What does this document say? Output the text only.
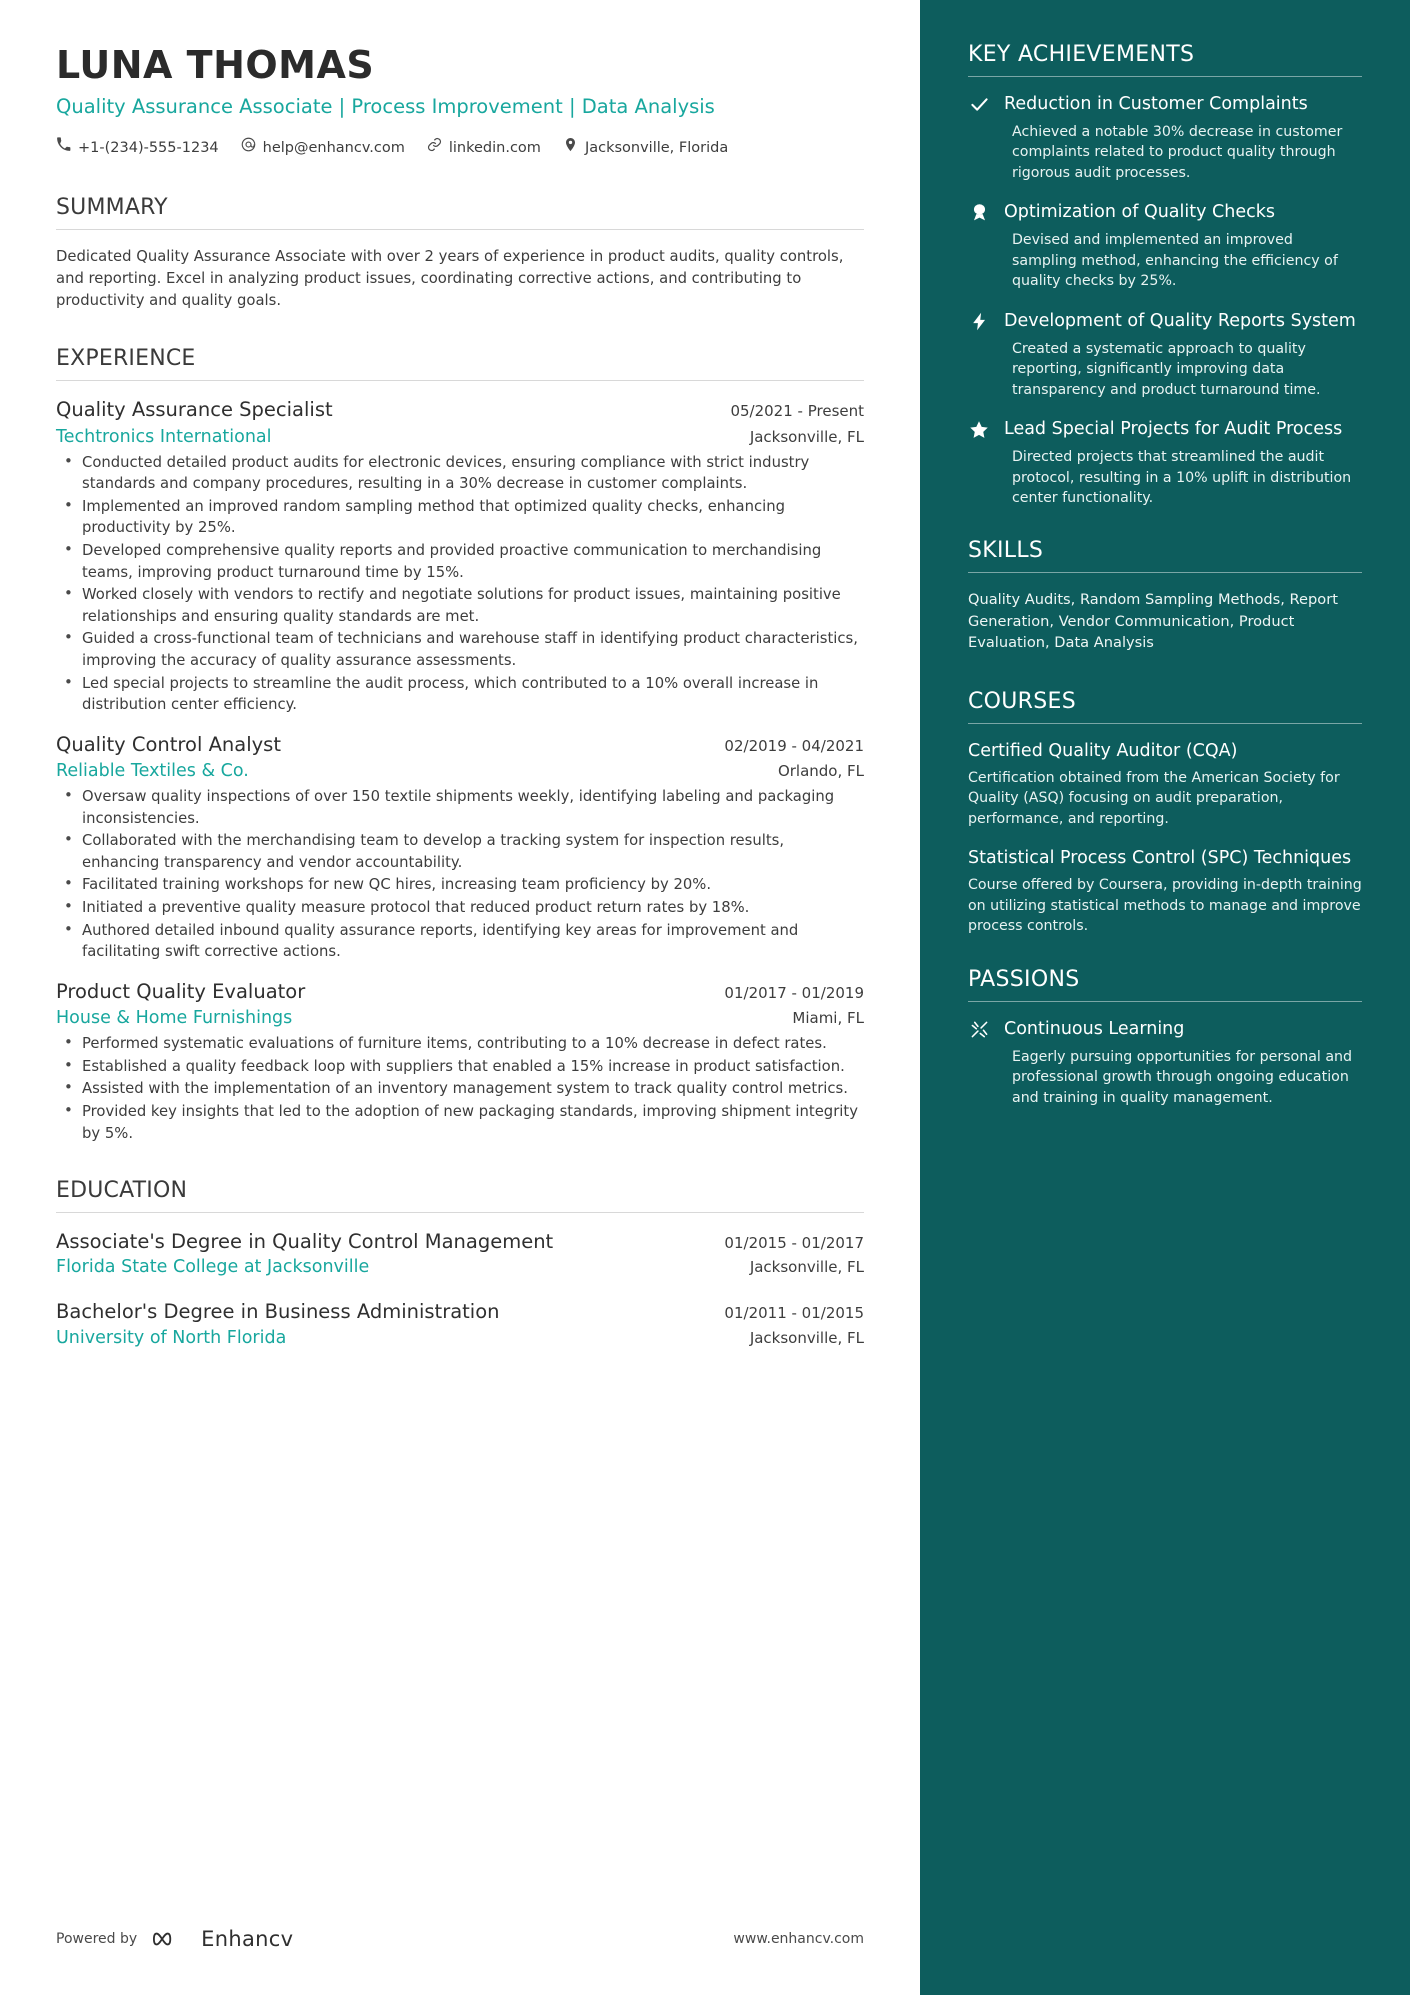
LUNA THOMAS
Quality Assurance Associate | Process Improvement | Data Analysis
+1-(234)-555-1234	help@enhancv.com	linkedin.com	Jacksonville, Florida
SUMMARY
Dedicated Quality Assurance Associate with over 2 years of experience in product audits, quality controls, and reporting. Excel in analyzing product issues, coordinating corrective actions, and contributing to productivity and quality goals.
EXPERIENCE
Quality Assurance Specialist	05/2021 - Present
Techtronics International	Jacksonville, FL
• Conducted detailed product audits for electronic devices, ensuring compliance with strict industry standards and company procedures, resulting in a 30% decrease in customer complaints.
• Implemented an improved random sampling method that optimized quality checks, enhancing productivity by 25%.
• Developed comprehensive quality reports and provided proactive communication to merchandising teams, improving product turnaround time by 15%.
• Worked closely with vendors to rectify and negotiate solutions for product issues, maintaining positive relationships and ensuring quality standards are met.
• Guided a cross-functional team of technicians and warehouse staff in identifying product characteristics, improving the accuracy of quality assurance assessments.
• Led special projects to streamline the audit process, which contributed to a 10% overall increase in distribution center efficiency.
Quality Control Analyst	02/2019 - 04/2021
Reliable Textiles & Co.	Orlando, FL
• Oversaw quality inspections of over 150 textile shipments weekly, identifying labeling and packaging inconsistencies.
• Collaborated with the merchandising team to develop a tracking system for inspection results, enhancing transparency and vendor accountability.
• Facilitated training workshops for new QC hires, increasing team proficiency by 20%.
• Initiated a preventive quality measure protocol that reduced product return rates by 18%.
• Authored detailed inbound quality assurance reports, identifying key areas for improvement and facilitating swift corrective actions.
Product Quality Evaluator	01/2017 - 01/2019
House & Home Furnishings	Miami, FL
• Performed systematic evaluations of furniture items, contributing to a 10% decrease in defect rates.
• Established a quality feedback loop with suppliers that enabled a 15% increase in product satisfaction.
• Assisted with the implementation of an inventory management system to track quality control metrics.
• Provided key insights that led to the adoption of new packaging standards, improving shipment integrity by 5%.
EDUCATION
Associate's Degree in Quality Control Management	01/2015 - 01/2017
Florida State College at Jacksonville	Jacksonville, FL
Bachelor's Degree in Business Administration	01/2011 - 01/2015
University of North Florida	Jacksonville, FL
Powered by	Enhancv	www.enhancv.com
KEY ACHIEVEMENTS
Reduction in Customer Complaints
Achieved a notable 30% decrease in customer complaints related to product quality through rigorous audit processes.
Optimization of Quality Checks
Devised and implemented an improved sampling method, enhancing the efficiency of quality checks by 25%.
Development of Quality Reports System
Created a systematic approach to quality reporting, significantly improving data transparency and product turnaround time.
Lead Special Projects for Audit Process
Directed projects that streamlined the audit protocol, resulting in a 10% uplift in distribution center functionality.
SKILLS
Quality Audits, Random Sampling Methods, Report Generation, Vendor Communication, Product Evaluation, Data Analysis
COURSES
Certified Quality Auditor (CQA)
Certification obtained from the American Society for Quality (ASQ) focusing on audit preparation, performance, and reporting.
Statistical Process Control (SPC) Techniques
Course offered by Coursera, providing in-depth training on utilizing statistical methods to manage and improve process controls.
PASSIONS
Continuous Learning
Eagerly pursuing opportunities for personal and professional growth through ongoing education and training in quality management.
